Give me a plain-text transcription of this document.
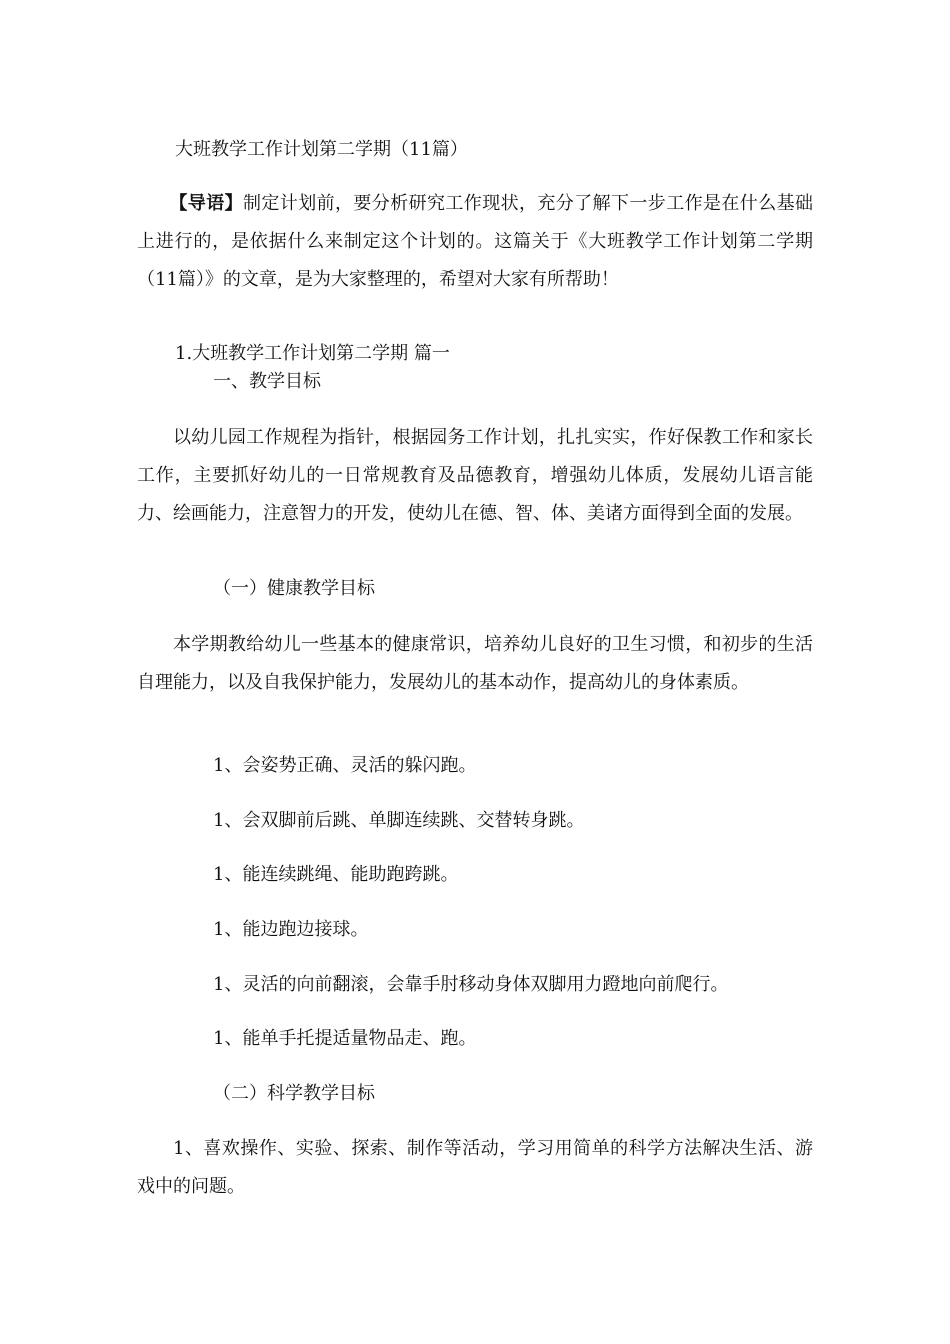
大班教学工作计划第二学期（11篇）
【导语】制定计划前，要分析研究工作现状，充分了解下一步工作是在什么基础上进行的，是依据什么来制定这个计划的。这篇关于《大班教学工作计划第二学期（11篇）》的文章，是为大家整理的，希望对大家有所帮助！
1.大班教学工作计划第二学期 篇一
一、教学目标
以幼儿园工作规程为指针，根据园务工作计划，扎扎实实，作好保教工作和家长工作，主要抓好幼儿的一日常规教育及品德教育，增强幼儿体质，发展幼儿语言能力、绘画能力，注意智力的开发，使幼儿在德、智、体、美诸方面得到全面的发展。
（一）健康教学目标
本学期教给幼儿一些基本的健康常识，培养幼儿良好的卫生习惯，和初步的生活自理能力，以及自我保护能力，发展幼儿的基本动作，提高幼儿的身体素质。
1、会姿势正确、灵活的躲闪跑。
1、会双脚前后跳、单脚连续跳、交替转身跳。
1、能连续跳绳、能助跑跨跳。
1、能边跑边接球。
1、灵活的向前翻滚，会靠手肘移动身体双脚用力蹬地向前爬行。
1、能单手托提适量物品走、跑。
（二）科学教学目标
1、喜欢操作、实验、探索、制作等活动，学习用简单的科学方法解决生活、游戏中的问题。
